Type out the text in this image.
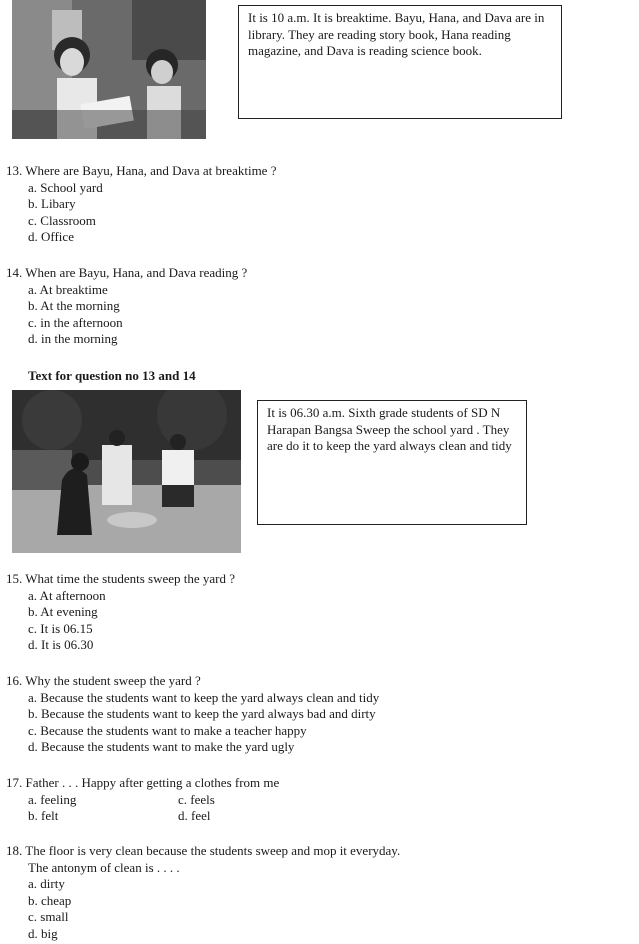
It is 10 a.m. It is breaktime. Bayu, Hana, and Dava are in library. They are reading story book, Hana reading magazine, and Dava is reading science book.
13. Where are Bayu, Hana, and Dava at breaktime ?
a. School yard
b. Libary
c. Classroom
d. Office
14. When are Bayu, Hana, and Dava reading ?
a. At breaktime
b. At the morning
c. in the afternoon
d. in the morning
Text for question no 13 and 14
It is 06.30 a.m. Sixth grade students of SD N Harapan Bangsa Sweep the school yard . They are do it to keep the yard always clean and tidy
15. What time the students sweep the yard ?
a. At afternoon
b. At evening
c. It is 06.15
d. It is 06.30
16. Why the student sweep the yard ?
a. Because the students want to keep the yard always clean and tidy
b. Because the students want to keep the yard always bad and dirty
c. Because the students want to make a teacher happy
d. Because the students want to make the yard ugly
17. Father . . . Happy after getting a clothes from me
a. feeling	c. feels
b. felt	d. feel
18. The floor is very clean because the students sweep and mop it everyday.
The antonym of clean is . . . .
a. dirty
b. cheap
c. small
d. big
